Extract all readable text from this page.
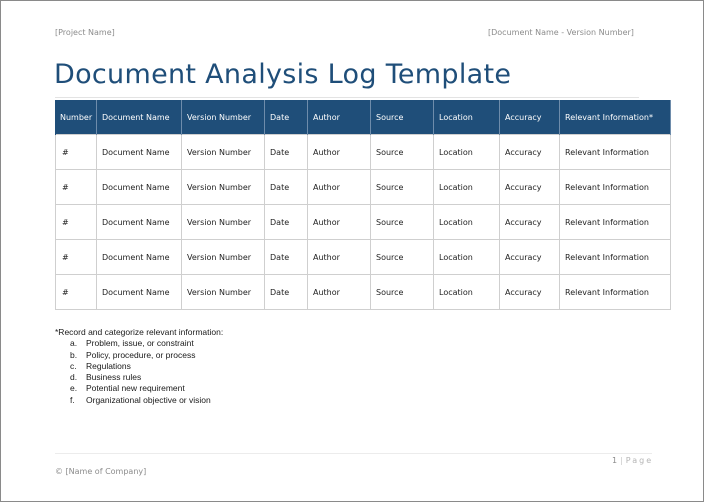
[Project Name]	[Document Name - Version Number]
Document Analysis Log Template
Number	Document Name	Version Number	Date	Author	Source	Location	Accuracy	Relevant Information*
#	Document Name	Version Number	Date	Author	Source	Location	Accuracy	Relevant Information
#	Document Name	Version Number	Date	Author	Source	Location	Accuracy	Relevant Information
#	Document Name	Version Number	Date	Author	Source	Location	Accuracy	Relevant Information
#	Document Name	Version Number	Date	Author	Source	Location	Accuracy	Relevant Information
#	Document Name	Version Number	Date	Author	Source	Location	Accuracy	Relevant Information
*Record and categorize relevant information:
a. Problem, issue, or constraint
b. Policy, procedure, or process
c. Regulations
d. Business rules
e. Potential new requirement
f. Organizational objective or vision
1 | Page
© [Name of Company]
